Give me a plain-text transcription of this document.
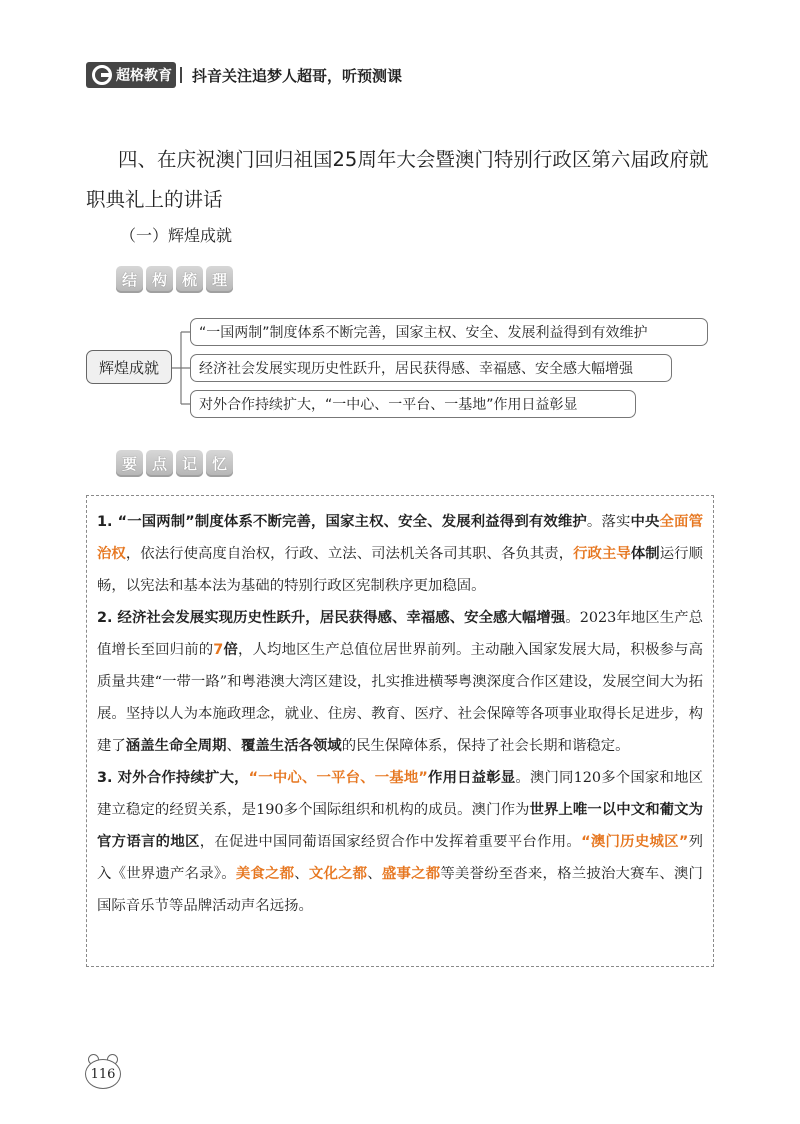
超格教育 抖音关注追梦人超哥，听预测课
四、在庆祝澳门回归祖国25周年大会暨澳门特别行政区第六届政府就职典礼上的讲话
（一）辉煌成就
结 构 梳 理
辉煌成就
“一国两制”制度体系不断完善，国家主权、安全、发展利益得到有效维护
经济社会发展实现历史性跃升，居民获得感、幸福感、安全感大幅增强
对外合作持续扩大，“一中心、一平台、一基地”作用日益彰显
要 点 记 忆

1. “一国两制”制度体系不断完善，国家主权、安全、发展利益得到有效维护。落实中央全面管治权，依法行使高度自治权，行政、立法、司法机关各司其职、各负其责，行政主导体制运行顺畅，以宪法和基本法为基础的特别行政区宪制秩序更加稳固。

2. 经济社会发展实现历史性跃升，居民获得感、幸福感、安全感大幅增强。2023年地区生产总值增长至回归前的7倍，人均地区生产总值位居世界前列。主动融入国家发展大局，积极参与高质量共建“一带一路”和粤港澳大湾区建设，扎实推进横琴粤澳深度合作区建设，发展空间大为拓展。坚持以人为本施政理念，就业、住房、教育、医疗、社会保障等各项事业取得长足进步，构建了涵盖生命全周期、覆盖生活各领域的民生保障体系，保持了社会长期和谐稳定。

3. 对外合作持续扩大，“一中心、一平台、一基地”作用日益彰显。澳门同120多个国家和地区建立稳定的经贸关系，是190多个国际组织和机构的成员。澳门作为世界上唯一以中文和葡文为官方语言的地区，在促进中国同葡语国家经贸合作中发挥着重要平台作用。“澳门历史城区”列入《世界遗产名录》。美食之都、文化之都、盛事之都等美誉纷至沓来，格兰披治大赛车、澳门国际音乐节等品牌活动声名远扬。

116
